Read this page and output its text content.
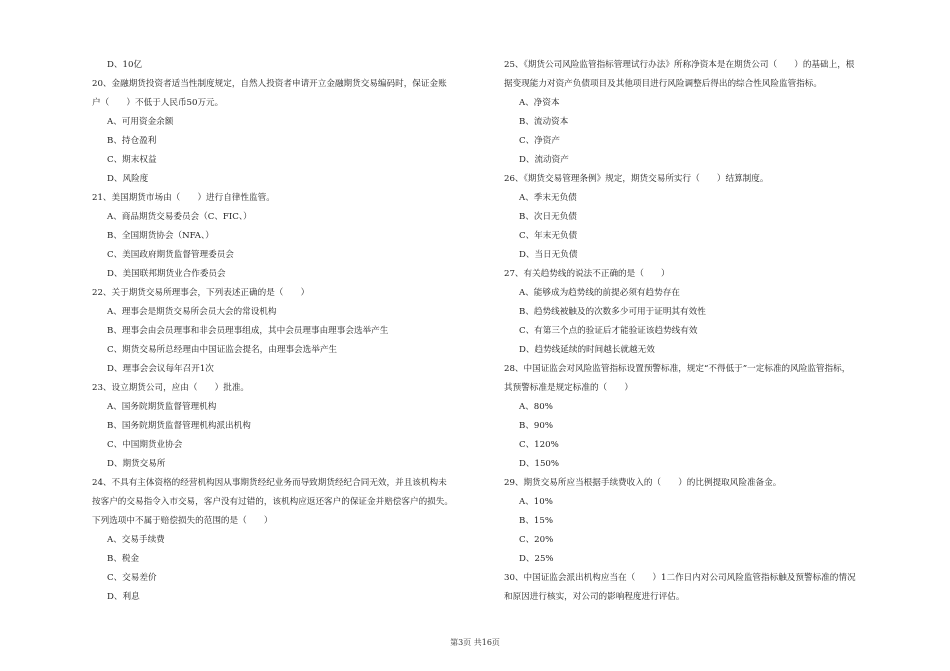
D、10亿
20、金融期货投资者适当性制度规定，自然人投资者申请开立金融期货交易编码时，保证金账
户（　　）不低于人民币50万元。
A、可用资金余额
B、持仓盈利
C、期末权益
D、风险度
21、美国期货市场由（　　）进行自律性监管。
A、商品期货交易委员会（C、FIC、）
B、全国期货协会（NFA、）
C、美国政府期货监督管理委员会
D、美国联邦期货业合作委员会
22、关于期货交易所理事会，下列表述正确的是（　　）
A、理事会是期货交易所会员大会的常设机构
B、理事会由会员理事和非会员理事组成，其中会员理事由理事会选举产生
C、期货交易所总经理由中国证监会提名，由理事会选举产生
D、理事会会议每年召开1次
23、设立期货公司，应由（　　）批准。
A、国务院期货监督管理机构
B、国务院期货监督管理机构派出机构
C、中国期货业协会
D、期货交易所
24、不具有主体资格的经营机构因从事期货经纪业务而导致期货经纪合同无效，并且该机构未
按客户的交易指令入市交易，客户没有过错的，该机构应返还客户的保证金并赔偿客户的损失。
下列选项中不属于赔偿损失的范围的是（　　）
A、交易手续费
B、税金
C、交易差价
D、利息
25、《期货公司风险监管指标管理试行办法》所称净资本是在期货公司（　　）的基础上，根
据变现能力对资产负债项目及其他项目进行风险调整后得出的综合性风险监管指标。
A、净资本
B、流动资本
C、净资产
D、流动资产
26、《期货交易管理条例》规定，期货交易所实行（　　）结算制度。
A、季末无负债
B、次日无负债
C、年末无负债
D、当日无负债
27、有关趋势线的说法不正确的是（　　）
A、能够成为趋势线的前提必须有趋势存在
B、趋势线被触及的次数多少可用于证明其有效性
C、有第三个点的验证后才能验证该趋势线有效
D、趋势线延续的时间越长就越无效
28、中国证监会对风险监管指标设置预警标准，规定“不得低于”一定标准的风险监管指标，
其预警标准是规定标准的（　　）
A、80%
B、90%
C、120%
D、150%
29、期货交易所应当根据手续费收入的（　　）的比例提取风险准备金。
A、10%
B、15%
C、20%
D、25%
30、中国证监会派出机构应当在（　　）1二作日内对公司风险监管指标触及预警标准的情况
和原因进行核实，对公司的影响程度进行评估。
第3页 共16页
